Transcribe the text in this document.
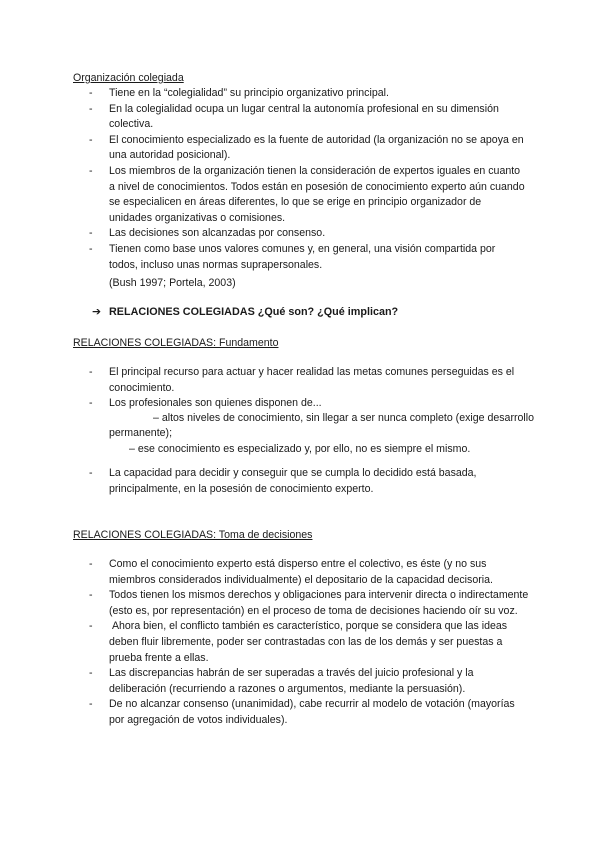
Organización colegiada
- Tiene en la “colegialidad” su principio organizativo principal.
- En la colegialidad ocupa un lugar central la autonomía profesional en su dimensión colectiva.
- El conocimiento especializado es la fuente de autoridad (la organización no se apoya en una autoridad posicional).
- Los miembros de la organización tienen la consideración de expertos iguales en cuanto a nivel de conocimientos. Todos están en posesión de conocimiento experto aún cuando se especialicen en áreas diferentes, lo que se erige en principio organizador de unidades organizativas o comisiones.
- Las decisiones son alcanzadas por consenso.
- Tienen como base unos valores comunes y, en general, una visión compartida por todos, incluso unas normas suprapersonales.
(Bush 1997; Portela, 2003)
➔ RELACIONES COLEGIADAS ¿Qué son? ¿Qué implican?
RELACIONES COLEGIADAS: Fundamento
- El principal recurso para actuar y hacer realidad las metas comunes perseguidas es el conocimiento.
- Los profesionales son quienes disponen de...
– altos niveles de conocimiento, sin llegar a ser nunca completo (exige desarrollo
permanente);
– ese conocimiento es especializado y, por ello, no es siempre el mismo.
- La capacidad para decidir y conseguir que se cumpla lo decidido está basada, principalmente, en la posesión de conocimiento experto.
RELACIONES COLEGIADAS: Toma de decisiones
- Como el conocimiento experto está disperso entre el colectivo, es éste (y no sus miembros considerados individualmente) el depositario de la capacidad decisoria.
- Todos tienen los mismos derechos y obligaciones para intervenir directa o indirectamente (esto es, por representación) en el proceso de toma de decisiones haciendo oír su voz.
- Ahora bien, el conflicto también es característico, porque se considera que las ideas deben fluir libremente, poder ser contrastadas con las de los demás y ser puestas a prueba frente a ellas.
- Las discrepancias habrán de ser superadas a través del juicio profesional y la deliberación (recurriendo a razones o argumentos, mediante la persuasión).
- De no alcanzar consenso (unanimidad), cabe recurrir al modelo de votación (mayorías por agregación de votos individuales).
